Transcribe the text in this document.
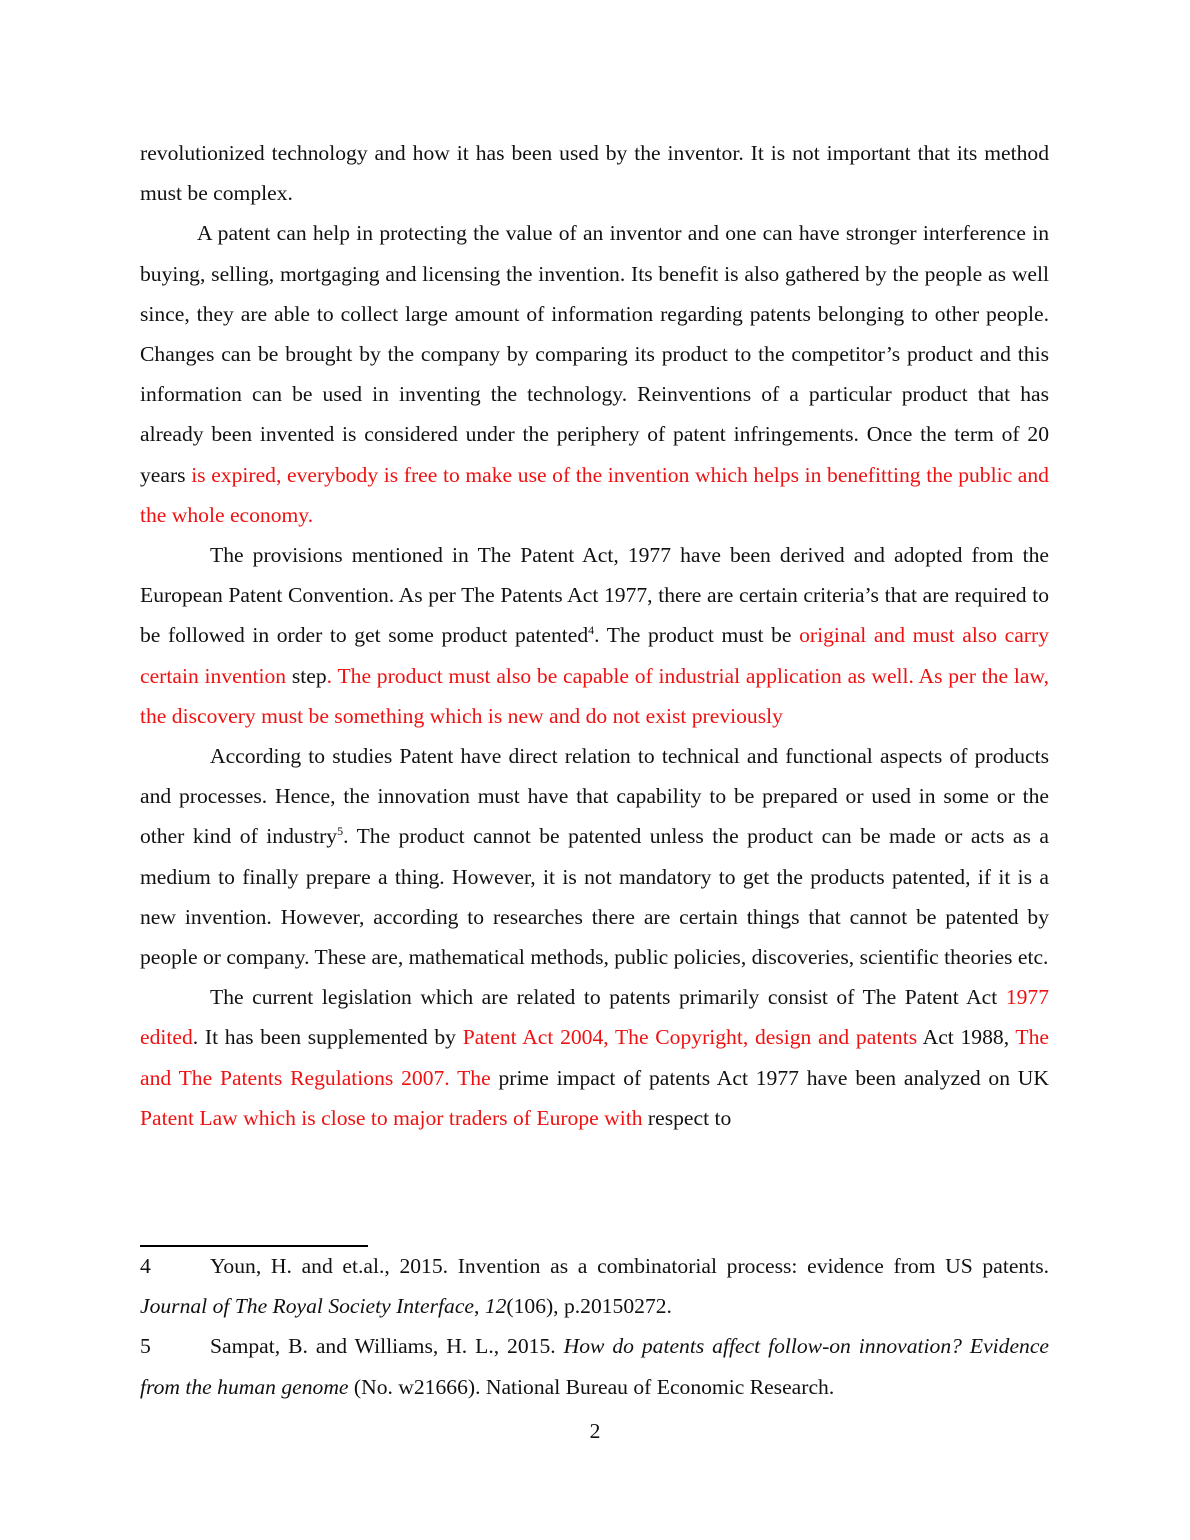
revolutionized technology and how it has been used by the inventor. It is not important that its method must be complex.

A patent can help in protecting the value of an inventor and one can have stronger interference in buying, selling, mortgaging and licensing the invention. Its benefit is also gathered by the people as well since, they are able to collect large amount of information regarding patents belonging to other people. Changes can be brought by the company by comparing its product to the competitor’s product and this information can be used in inventing the technology. Reinventions of a particular product that has already been invented is considered under the periphery of patent infringements. Once the term of 20 years is expired, everybody is free to make use of the invention which helps in benefitting the public and the whole economy.

The provisions mentioned in The Patent Act, 1977 have been derived and adopted from the European Patent Convention. As per The Patents Act 1977, there are certain criteria’s that are required to be followed in order to get some product patented$^4$. The product must be original and must also carry certain invention step. The product must also be capable of industrial application as well. As per the law, the discovery must be something which is new and do not exist previously

According to studies Patent have direct relation to technical and functional aspects of products and processes. Hence, the innovation must have that capability to be prepared or used in some or the other kind of industry$^5$. The product cannot be patented unless the product can be made or acts as a medium to finally prepare a thing. However, it is not mandatory to get the products patented, if it is a new invention. However, according to researches there are certain things that cannot be patented by people or company. These are, mathematical methods, public policies, discoveries, scientific theories etc.

The current legislation which are related to patents primarily consist of The Patent Act 1977 edited. It has been supplemented by Patent Act 2004, The Copyright, design and patents Act 1988, The and The Patents Regulations 2007. The prime impact of patents Act 1977 have been analyzed on UK Patent Law which is close to major traders of Europe with respect to

4	Youn, H. and et.al., 2015. Invention as a combinatorial process: evidence from US patents. Journal of The Royal Society Interface, 12(106), p.20150272.

5	Sampat, B. and Williams, H. L., 2015. How do patents affect follow-on innovation? Evidence from the human genome (No. w21666). National Bureau of Economic Research.

2
